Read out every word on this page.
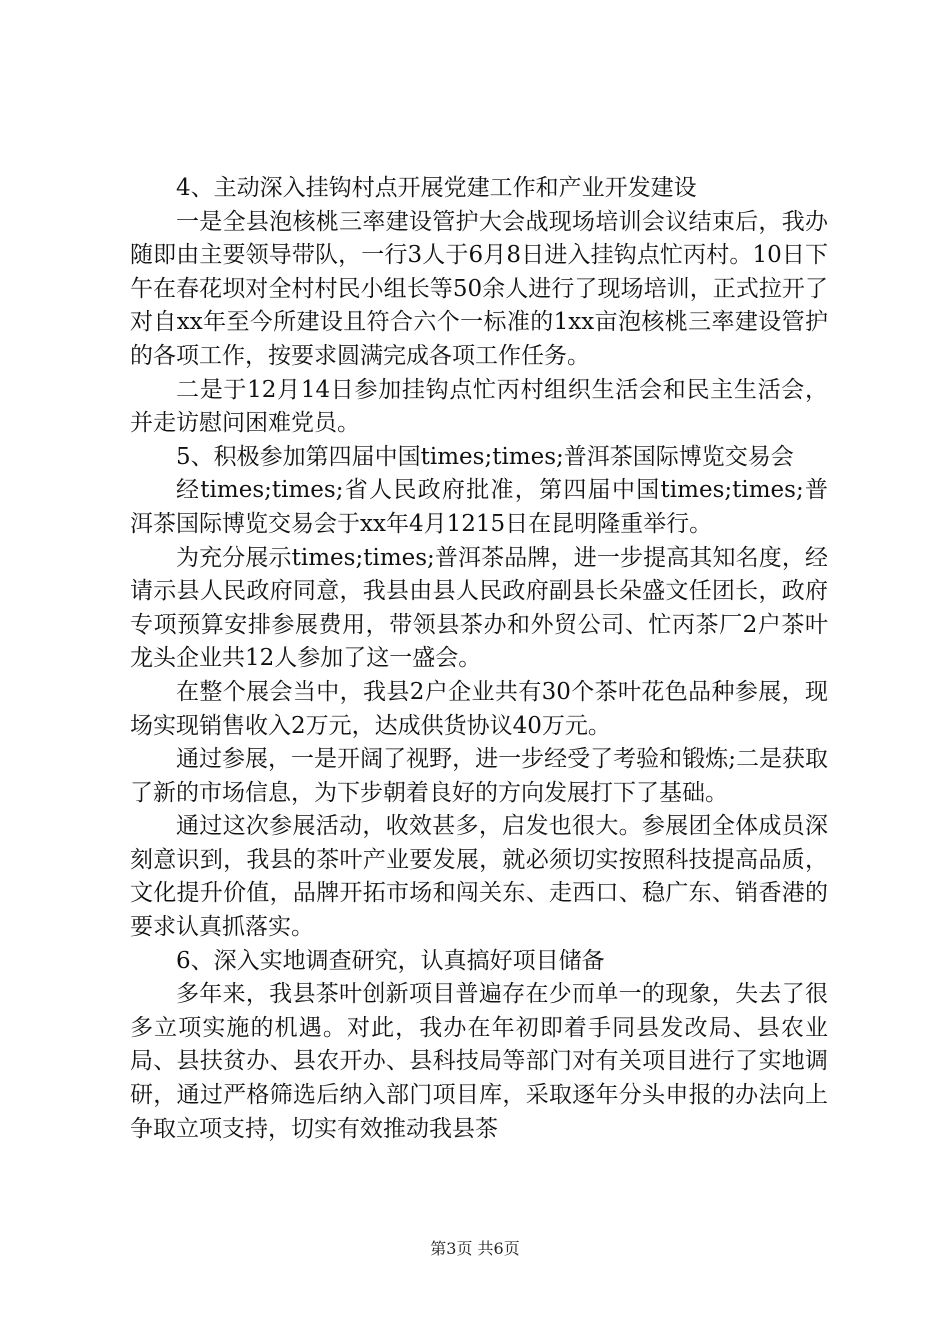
4、主动深入挂钩村点开展党建工作和产业开发建设

一是全县泡核桃三率建设管护大会战现场培训会议结束后，我办随即由主要领导带队，一行3人于6月8日进入挂钩点忙丙村。10日下午在春花坝对全村村民小组长等50余人进行了现场培训，正式拉开了对自xx年至今所建设且符合六个一标准的1xx亩泡核桃三率建设管护的各项工作，按要求圆满完成各项工作任务。

二是于12月14日参加挂钩点忙丙村组织生活会和民主生活会，并走访慰问困难党员。

5、积极参加第四届中国times;times;普洱茶国际博览交易会

经times;times;省人民政府批准，第四届中国times;times;普洱茶国际博览交易会于xx年4月1215日在昆明隆重举行。

为充分展示times;times;普洱茶品牌，进一步提高其知名度，经请示县人民政府同意，我县由县人民政府副县长朵盛文任团长，政府专项预算安排参展费用，带领县茶办和外贸公司、忙丙茶厂2户茶叶龙头企业共12人参加了这一盛会。

在整个展会当中，我县2户企业共有30个茶叶花色品种参展，现场实现销售收入2万元，达成供货协议40万元。

通过参展，一是开阔了视野，进一步经受了考验和锻炼;二是获取了新的市场信息，为下步朝着良好的方向发展打下了基础。

通过这次参展活动，收效甚多，启发也很大。参展团全体成员深刻意识到，我县的茶叶产业要发展，就必须切实按照科技提高品质，文化提升价值，品牌开拓市场和闯关东、走西口、稳广东、销香港的要求认真抓落实。

6、深入实地调查研究，认真搞好项目储备

多年来，我县茶叶创新项目普遍存在少而单一的现象，失去了很多立项实施的机遇。对此，我办在年初即着手同县发改局、县农业局、县扶贫办、县农开办、县科技局等部门对有关项目进行了实地调研，通过严格筛选后纳入部门项目库，采取逐年分头申报的办法向上争取立项支持，切实有效推动我县茶

第3页 共6页
